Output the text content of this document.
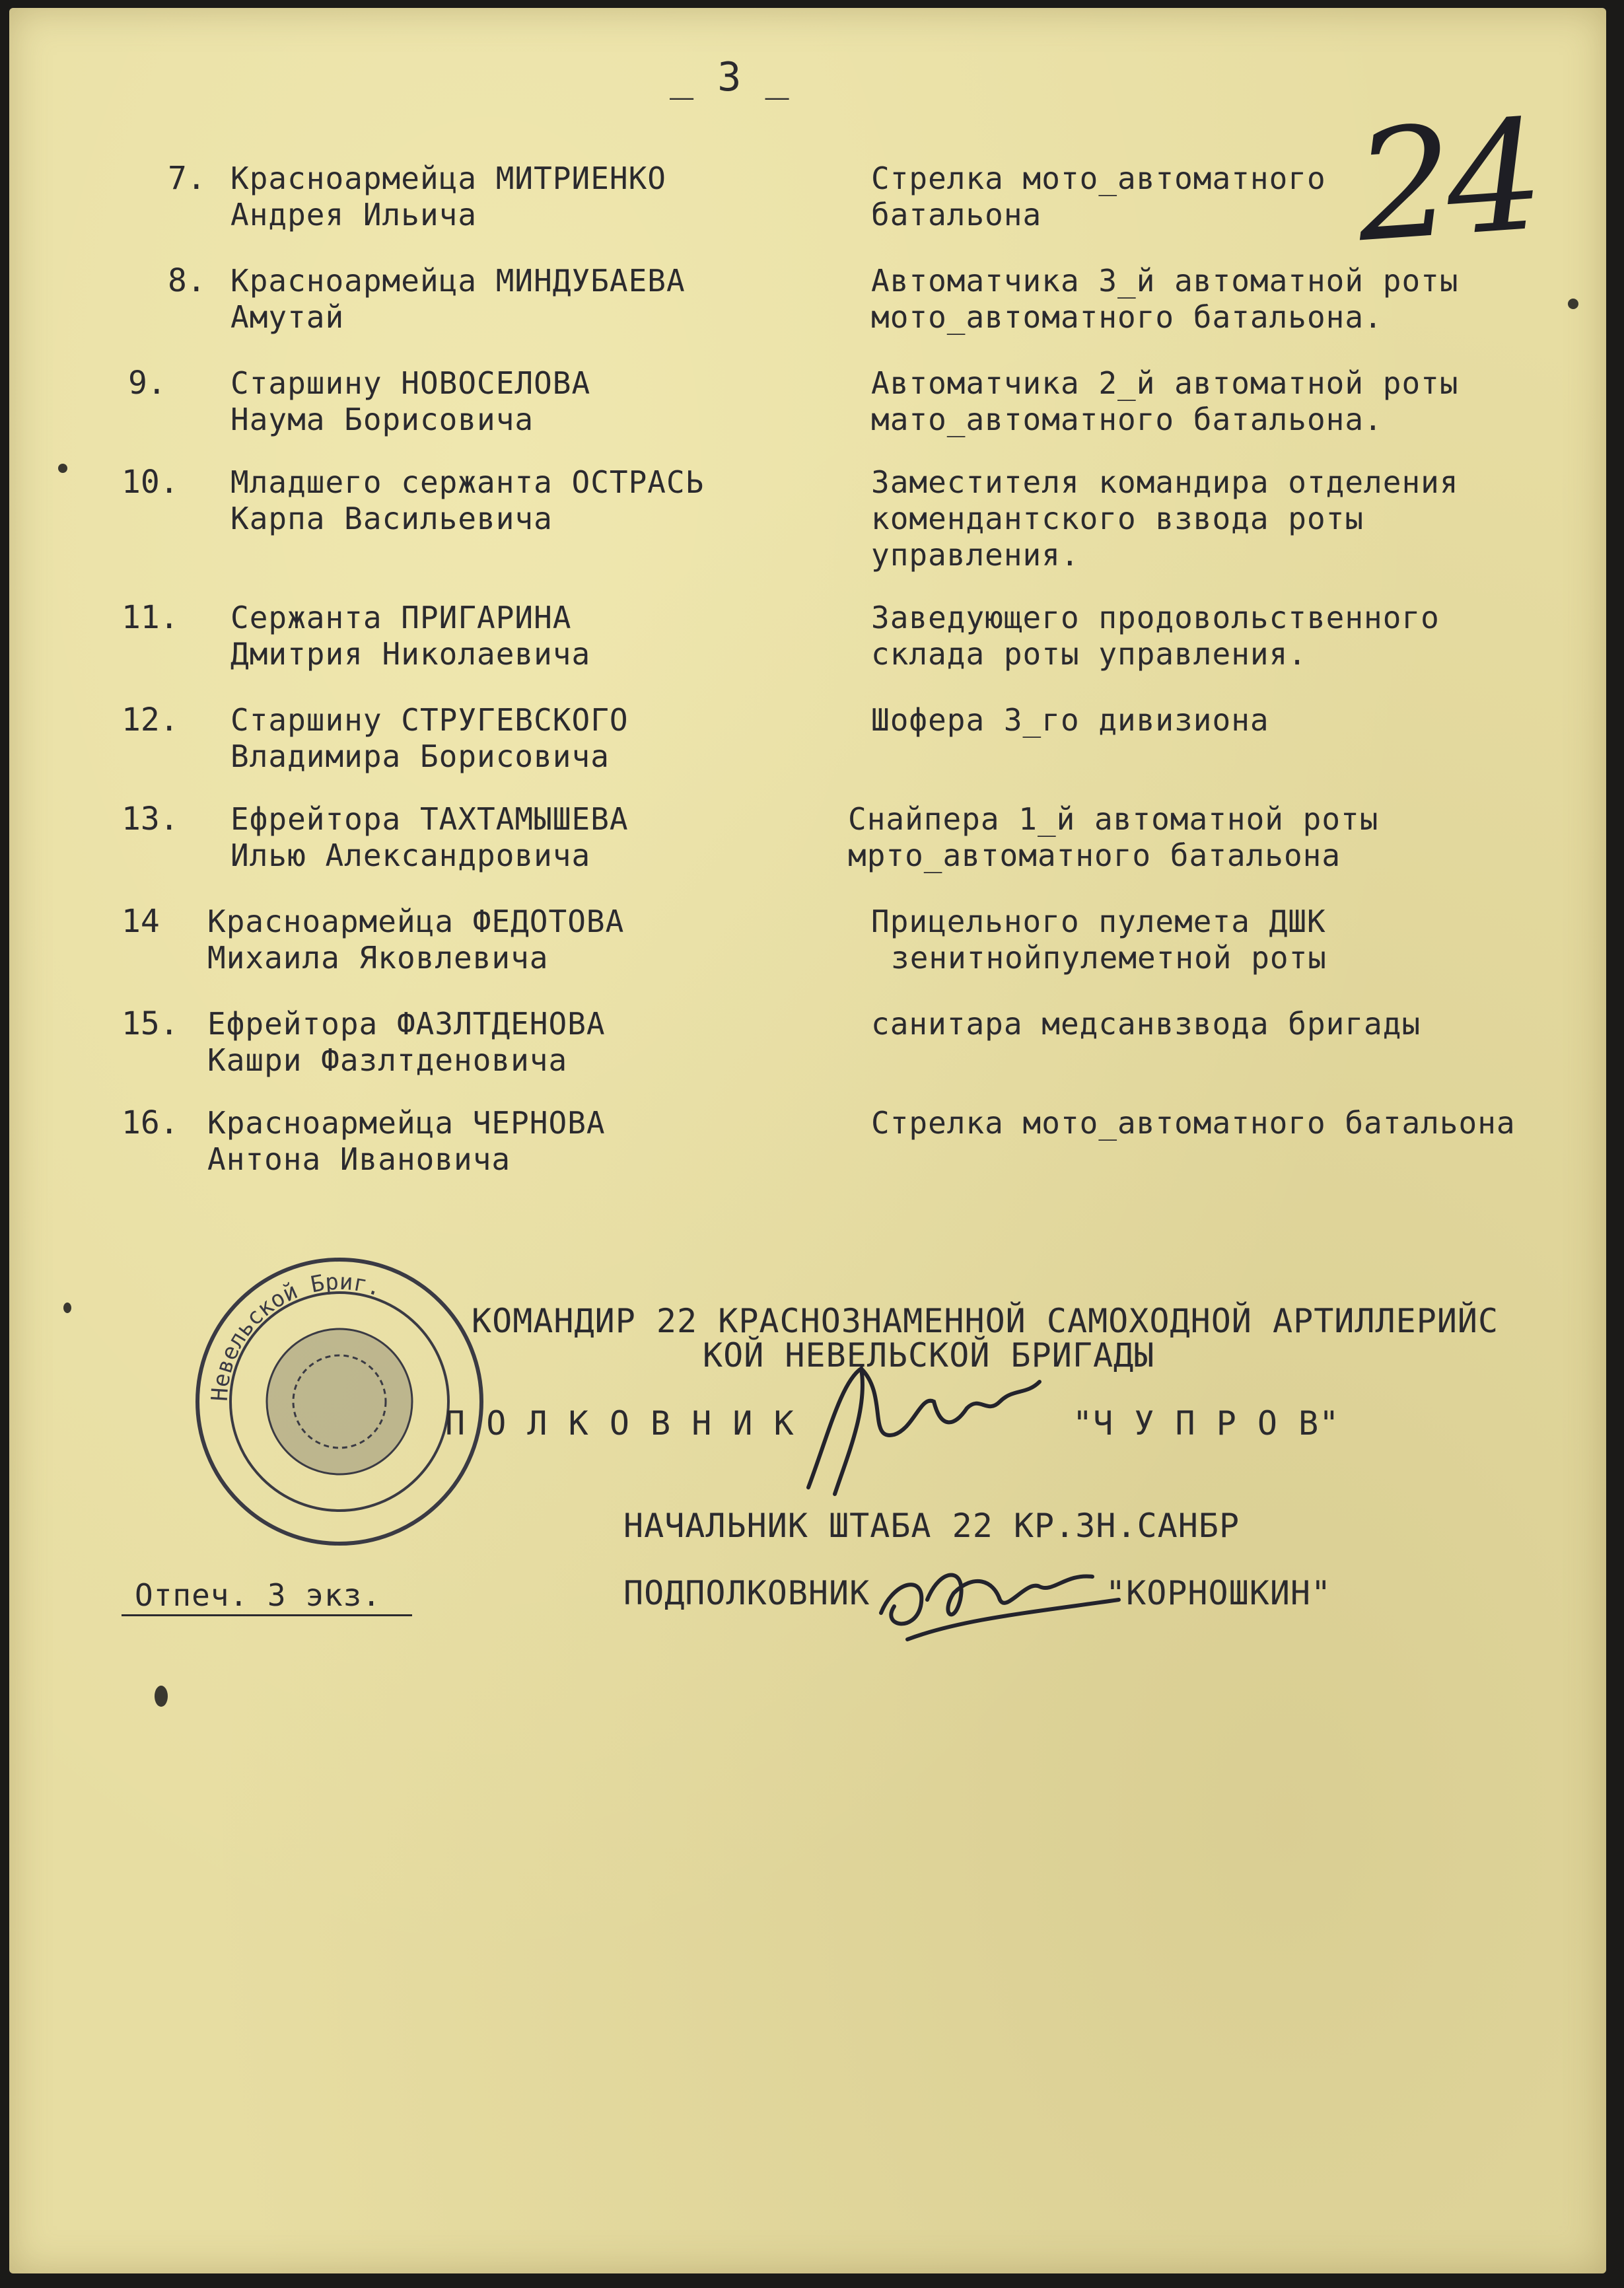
_ 3 _
24
7. Красноармейца МИТРИЕНКО
Андрея Ильича
Стрелка мото_автоматного
батальона
8. Красноармейца МИНДУБАЕВА
Амутай
Автоматчика 3_й автоматной роты
мото_автоматного батальона.
9. Старшину НОВОСЕЛОВА
Наума Борисовича
Автоматчика 2_й автоматной роты
мато_автоматного батальона.
10. Младшего сержанта ОСТРАСЬ
Карпа Васильевича
Заместителя командира отделения
комендантского взвода роты
управления.
11. Сержанта ПРИГАРИНА
Дмитрия Николаевича
Заведующего продовольственного
склада роты управления.
12. Старшину СТРУГЕВСКОГО
Владимира Борисовича
Шофера 3_го дивизиона
13. Ефрейтора ТАХТАМЫШЕВА
Илью Александровича
Снайпера 1_й автоматной роты
мрто_автоматного батальона
14 Красноармейца ФЕДОТОВА
Михаила Яковлевича
Прицельного пулемета ДШК
зенитнойпулеметной роты
15. Ефрейтора ФАЗЛТДЕНОВА
Кашри Фазлтденовича
санитара медсанвзвода бригады
16. Красноармейца ЧЕРНОВА
Антона Ивановича
Стрелка мото_автоматного батальона
Невельской Бриг.
КОМАНДИР 22 КРАСНОЗНАМЕННОЙ САМОХОДНОЙ АРТИЛЛЕРИЙС
КОЙ НЕВЕЛЬСКОЙ БРИГАДЫ
П О Л К О В Н И К	"Ч У П Р О В"
НАЧАЛЬНИК ШТАБА 22 КР.ЗН.САНБР
ПОДПОЛКОВНИК	"КОРНОШКИН"
Отпеч. 3 экз.
